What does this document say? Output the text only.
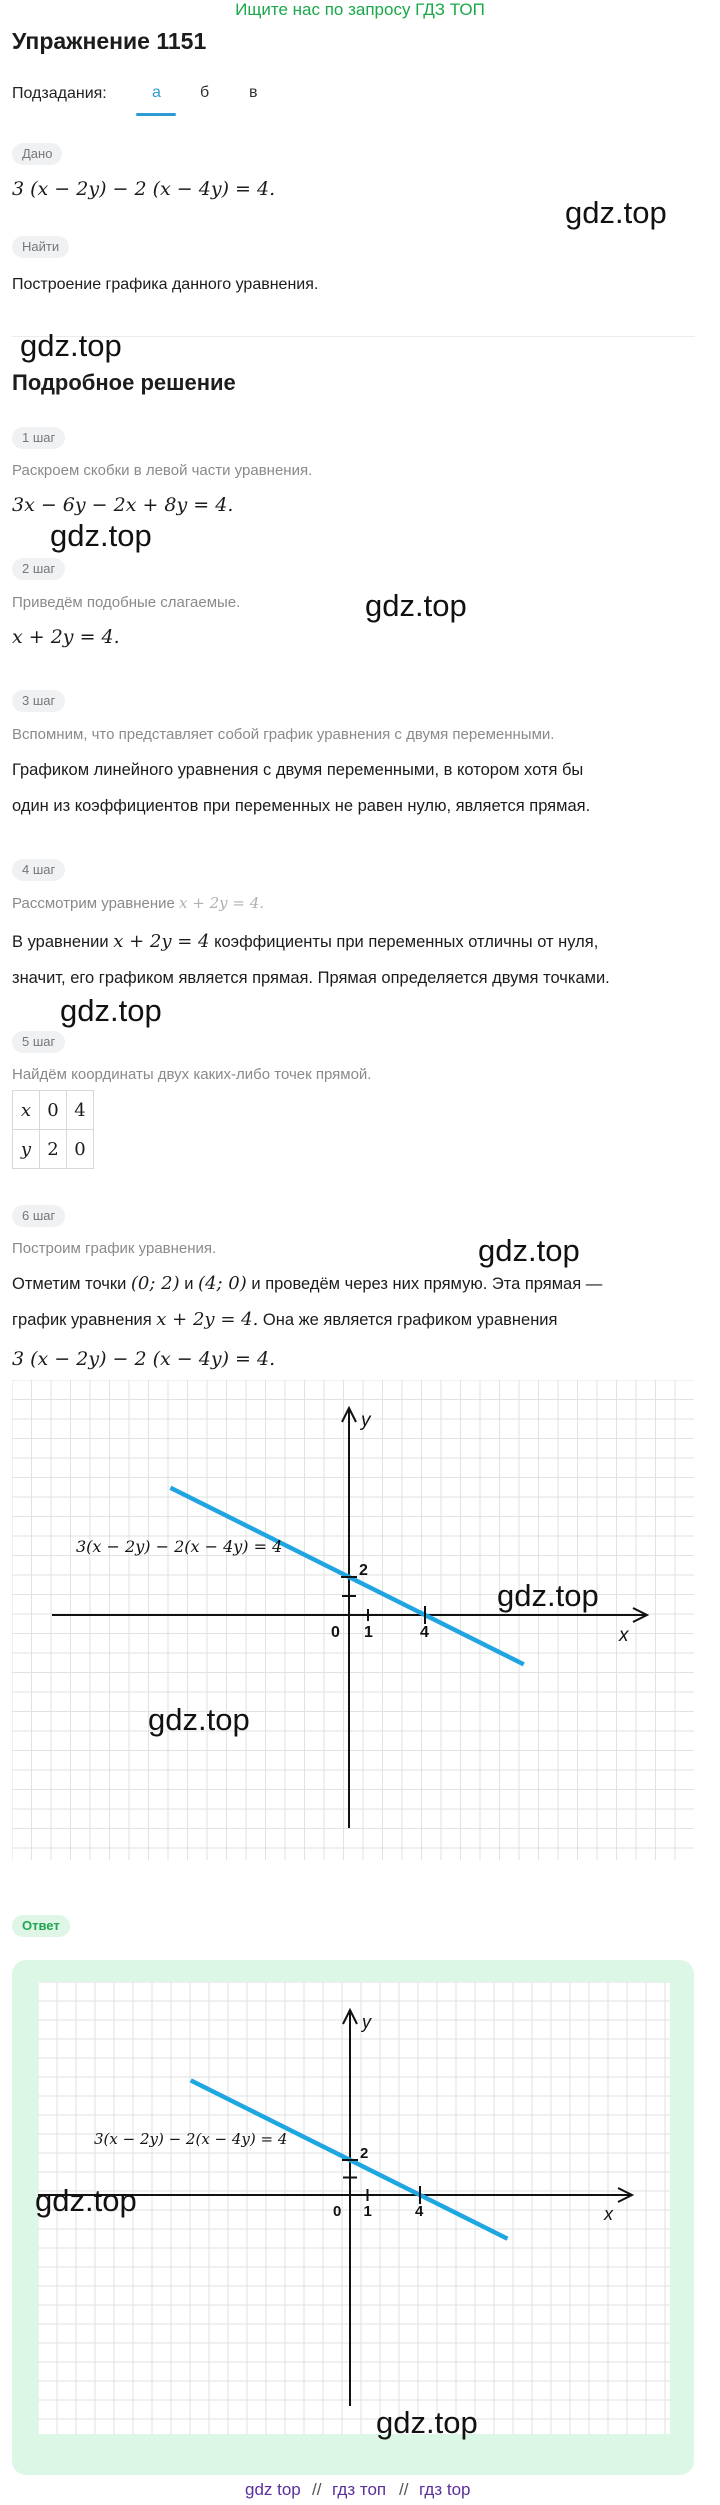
Ищите нас по запросу ГДЗ ТОП
Упражнение 1151
Подзадания:	а б в
Дано
3 (x − 2y) − 2 (x − 4y) = 4.
Найти
Построение графика данного уравнения.
gdz.top
gdz.top
gdz.top
gdz.top
gdz.top
gdz.top
Подробное решение
1 шаг
Раскроем скобки в левой части уравнения.
3x − 6y − 2x + 8y = 4.
2 шаг
Приведём подобные слагаемые.
x + 2y = 4.
3 шаг
Вспомним, что представляет собой график уравнения с двумя переменными.
Графиком линейного уравнения с двумя переменными, в котором хотя бы
один из коэффициентов при переменных не равен нулю, является прямая.
4 шаг
Рассмотрим уравнение x + 2y = 4.
В уравнении x + 2y = 4 коэффициенты при переменных отличны от нуля,
значит, его графиком является прямая. Прямая определяется двумя точками.
5 шаг
Найдём координаты двух каких-либо точек прямой.
x	0	4
y	2	0
6 шаг
Построим график уравнения.
Отметим точки (0; 2) и (4; 0) и проведём через них прямую. Эта прямая —
график уравнения x + 2y = 4. Она же является графиком уравнения
3 (x − 2y) − 2 (x − 4y) = 4.
0 1	4
2
x
y
3(x − 2y) − 2(x − 4y) = 4
gdz.top
gdz.top
Ответ
0 1	4
2
x
y
3(x − 2y) − 2(x − 4y) = 4
gdz.top
gdz.top
gdz top // гдз топ // гдз top
